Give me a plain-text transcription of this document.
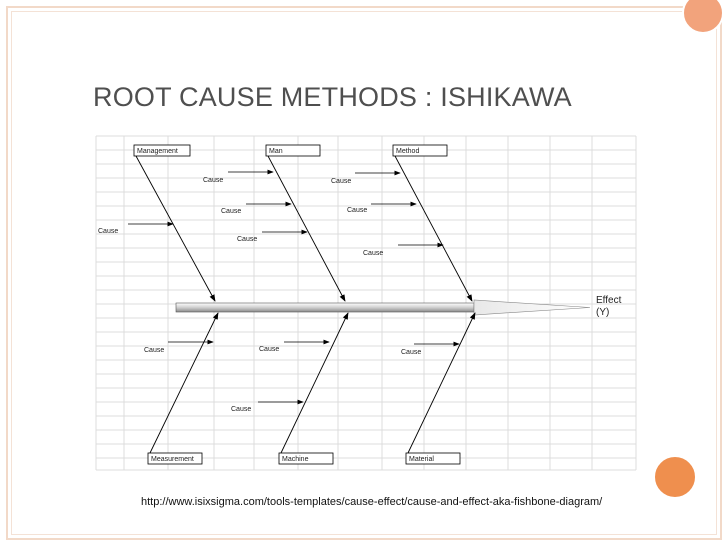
ROOT CAUSE METHODS : ISHIKAWA
Management	Man	Method
Measurement	Machine	Material
Cause
Cause
Cause
Cause
Cause
Cause
Cause
Cause	Cause
Cause
Cause
Effect
(Y)
http://www.isixsigma.com/tools-templates/cause-effect/cause-and-effect-aka-fishbone-diagram/
